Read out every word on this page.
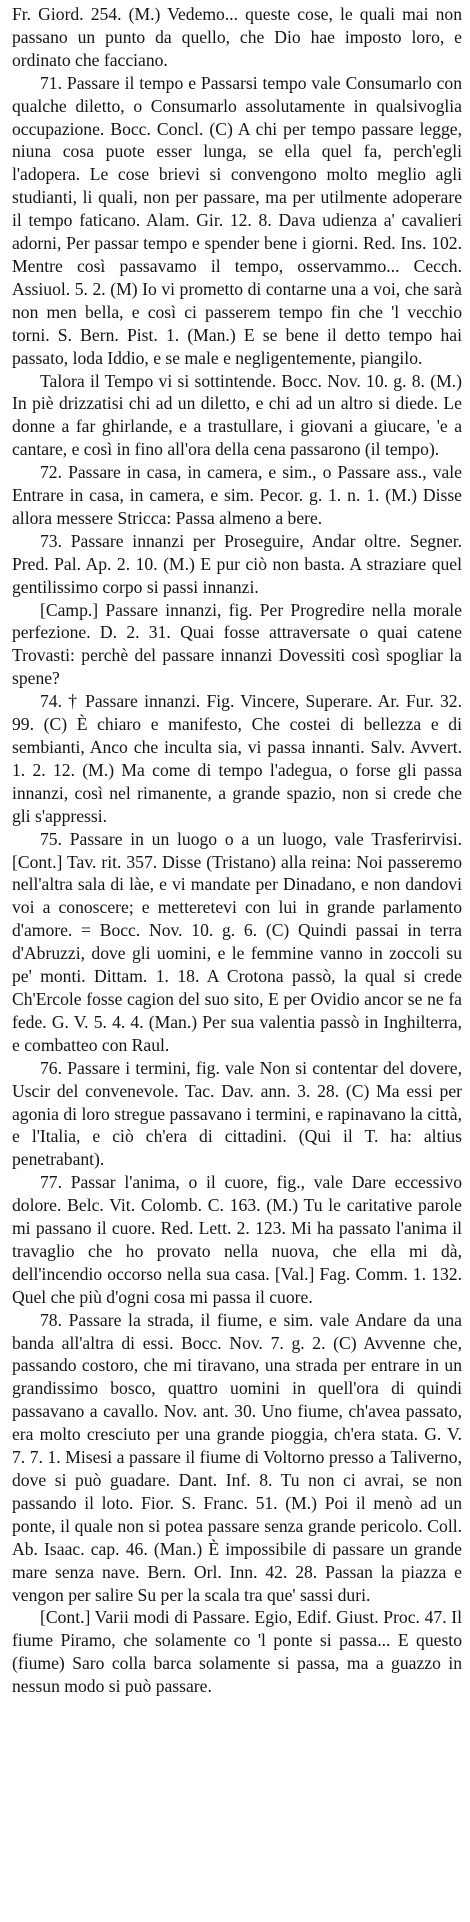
Fr. Giord. 254. (M.) Vedemo... queste cose, le quali mai non passano un punto da quello, che Dio hae imposto loro, e ordinato che facciano.

71. Passare il tempo e Passarsi tempo vale Consumarlo con qualche diletto, o Consumarlo assolutamente in qualsivoglia occupazione. Bocc. Concl. (C) A chi per tempo passare legge, niuna cosa puote esser lunga, se ella quel fa, perch'egli l'adopera. Le cose brievi si convengono molto meglio agli studianti, li quali, non per passare, ma per utilmente adoperare il tempo faticano. Alam. Gir. 12. 8. Dava udienza a' cavalieri adorni, Per passar tempo e spender bene i giorni. Red. Ins. 102. Mentre così passavamo il tempo, osservammo... Cecch. Assiuol. 5. 2. (M) Io vi prometto di contarne una a voi, che sarà non men bella, e così ci passerem tempo fin che 'l vecchio torni. S. Bern. Pist. 1. (Man.) E se bene il detto tempo hai passato, loda Iddio, e se male e negligentemente, piangilo.

Talora il Tempo vi si sottintende. Bocc. Nov. 10. g. 8. (M.) In piè drizzatisi chi ad un diletto, e chi ad un altro si diede. Le donne a far ghirlande, e a trastullare, i giovani a giucare, 'e a cantare, e così in fino all'ora della cena passarono (il tempo).

72. Passare in casa, in camera, e sim., o Passare ass., vale Entrare in casa, in camera, e sim. Pecor. g. 1. n. 1. (M.) Disse allora messere Stricca: Passa almeno a bere.

73. Passare innanzi per Proseguire, Andar oltre. Segner. Pred. Pal. Ap. 2. 10. (M.) E pur ciò non basta. A straziare quel gentilissimo corpo si passi innanzi.

[Camp.] Passare innanzi, fig. Per Progredire nella morale perfezione. D. 2. 31. Quai fosse attraversate o quai catene Trovasti: perchè del passare innanzi Dovessiti così spogliar la spene?

74. † Passare innanzi. Fig. Vincere, Superare. Ar. Fur. 32. 99. (C) È chiaro e manifesto, Che costei di bellezza e di sembianti, Anco che inculta sia, vi passa innanti. Salv. Avvert. 1. 2. 12. (M.) Ma come di tempo l'adegua, o forse gli passa innanzi, così nel rimanente, a grande spazio, non si crede che gli s'appressi.

75. Passare in un luogo o a un luogo, vale Trasferirvisi. [Cont.] Tav. rit. 357. Disse (Tristano) alla reina: Noi passeremo nell'altra sala di làe, e vi mandate per Dinadano, e non dandovi voi a conoscere; e metteretevi con lui in grande parlamento d'amore. = Bocc. Nov. 10. g. 6. (C) Quindi passai in terra d'Abruzzi, dove gli uomini, e le femmine vanno in zoccoli su pe' monti. Dittam. 1. 18. A Crotona passò, la qual si crede Ch'Ercole fosse cagion del suo sito, E per Ovidio ancor se ne fa fede. G. V. 5. 4. 4. (Man.) Per sua valentia passò in Inghilterra, e combatteo con Raul.

76. Passare i termini, fig. vale Non si contentar del dovere, Uscir del convenevole. Tac. Dav. ann. 3. 28. (C) Ma essi per agonia di loro stregue passavano i termini, e rapinavano la città, e l'Italia, e ciò ch'era di cittadini. (Qui il T. ha: altius penetrabant).

77. Passar l'anima, o il cuore, fig., vale Dare eccessivo dolore. Belc. Vit. Colomb. C. 163. (M.) Tu le caritative parole mi passano il cuore. Red. Lett. 2. 123. Mi ha passato l'anima il travaglio che ho provato nella nuova, che ella mi dà, dell'incendio occorso nella sua casa. [Val.] Fag. Comm. 1. 132. Quel che più d'ogni cosa mi passa il cuore.

78. Passare la strada, il fiume, e sim. vale Andare da una banda all'altra di essi. Bocc. Nov. 7. g. 2. (C) Avvenne che, passando costoro, che mi tiravano, una strada per entrare in un grandissimo bosco, quattro uomini in quell'ora di quindi passavano a cavallo. Nov. ant. 30. Uno fiume, ch'avea passato, era molto cresciuto per una grande pioggia, ch'era stata. G. V. 7. 7. 1. Misesi a passare il fiume di Voltorno presso a Taliverno, dove si può guadare. Dant. Inf. 8. Tu non ci avrai, se non passando il loto. Fior. S. Franc. 51. (M.) Poi il menò ad un ponte, il quale non si potea passare senza grande pericolo. Coll. Ab. Isaac. cap. 46. (Man.) È impossibile di passare un grande mare senza nave. Bern. Orl. Inn. 42. 28. Passan la piazza e vengon per salire Su per la scala tra que' sassi duri.

[Cont.] Varii modi di Passare. Egio, Edif. Giust. Proc. 47. Il fiume Piramo, che solamente co 'l ponte si passa... E questo (fiume) Saro colla barca solamente si passa, ma a guazzo in nessun modo si può passare.
